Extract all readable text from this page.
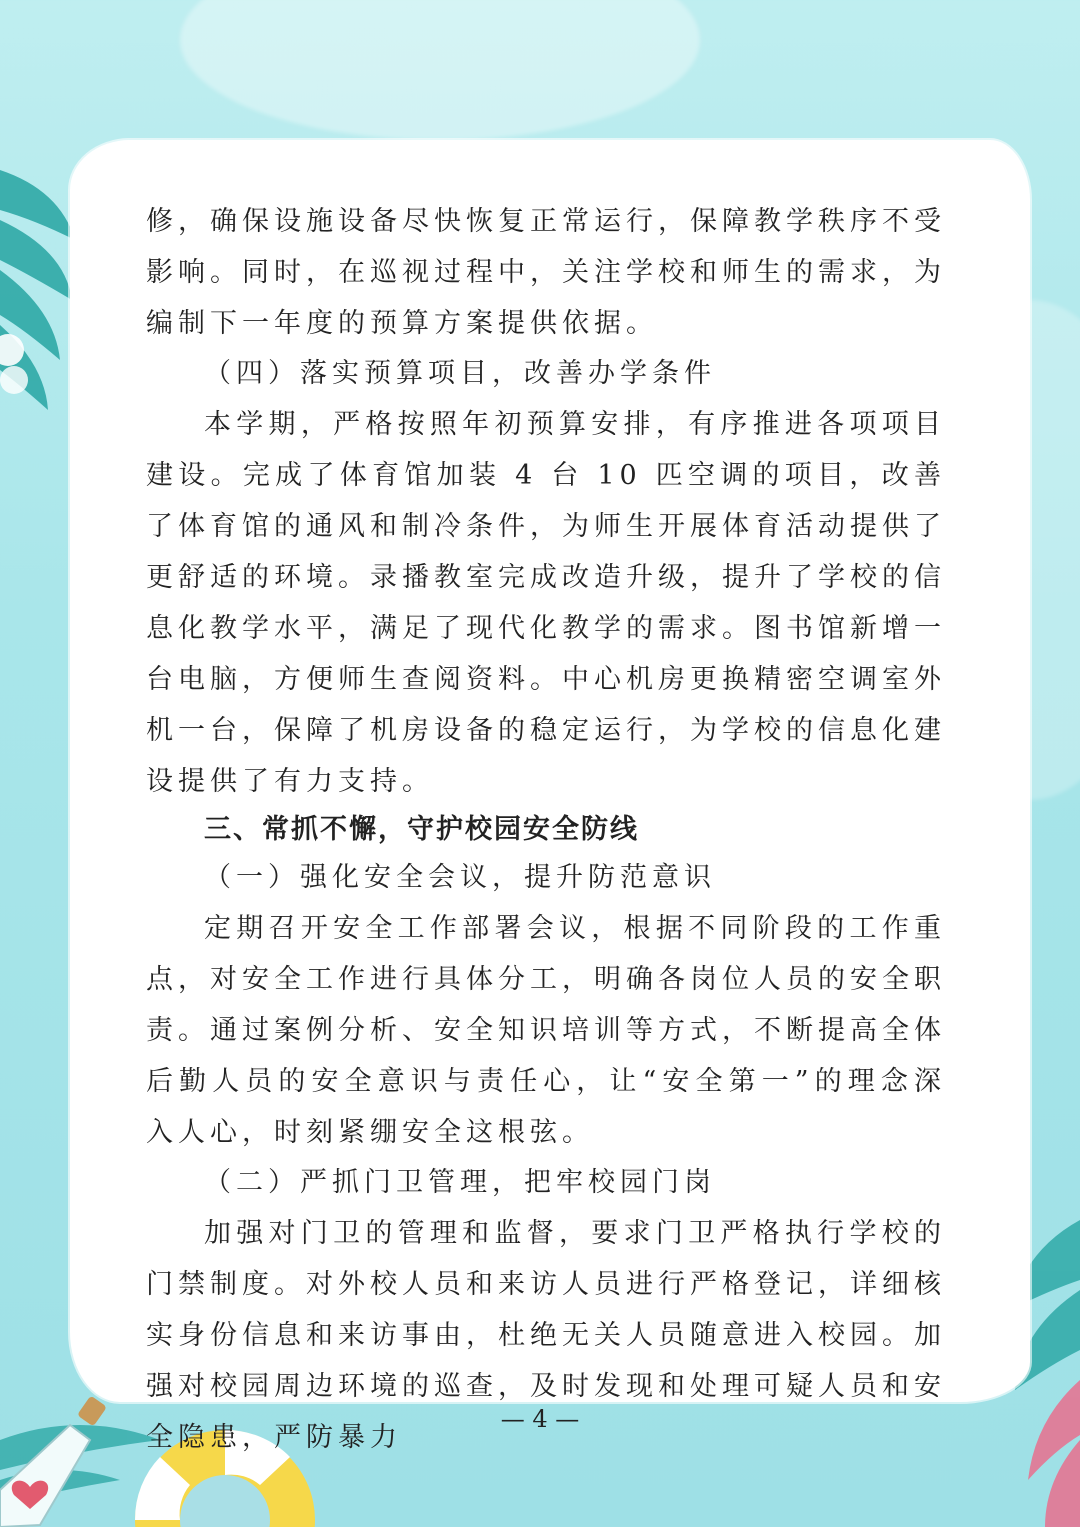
修，确保设施设备尽快恢复正常运行，保障教学秩序不受影响。同时，在巡视过程中，关注学校和师生的需求，为编制下一年度的预算方案提供依据。

（四）落实预算项目，改善办学条件

本学期，严格按照年初预算安排，有序推进各项项目建设。完成了体育馆加装 4 台 10 匹空调的项目，改善了体育馆的通风和制冷条件，为师生开展体育活动提供了更舒适的环境。录播教室完成改造升级，提升了学校的信息化教学水平，满足了现代化教学的需求。图书馆新增一台电脑，方便师生查阅资料。中心机房更换精密空调室外机一台，保障了机房设备的稳定运行，为学校的信息化建设提供了有力支持。

三、常抓不懈，守护校园安全防线

（一）强化安全会议，提升防范意识

定期召开安全工作部署会议，根据不同阶段的工作重点，对安全工作进行具体分工，明确各岗位人员的安全职责。通过案例分析、安全知识培训等方式，不断提高全体后勤人员的安全意识与责任心，让“安全第一”的理念深入人心，时刻紧绷安全这根弦。

（二）严抓门卫管理，把牢校园门岗

加强对门卫的管理和监督，要求门卫严格执行学校的门禁制度。对外校人员和来访人员进行严格登记，详细核实身份信息和来访事由，杜绝无关人员随意进入校园。加强对校园周边环境的巡查，及时发现和处理可疑人员和安全隐患，严防暴力

— 4 —
